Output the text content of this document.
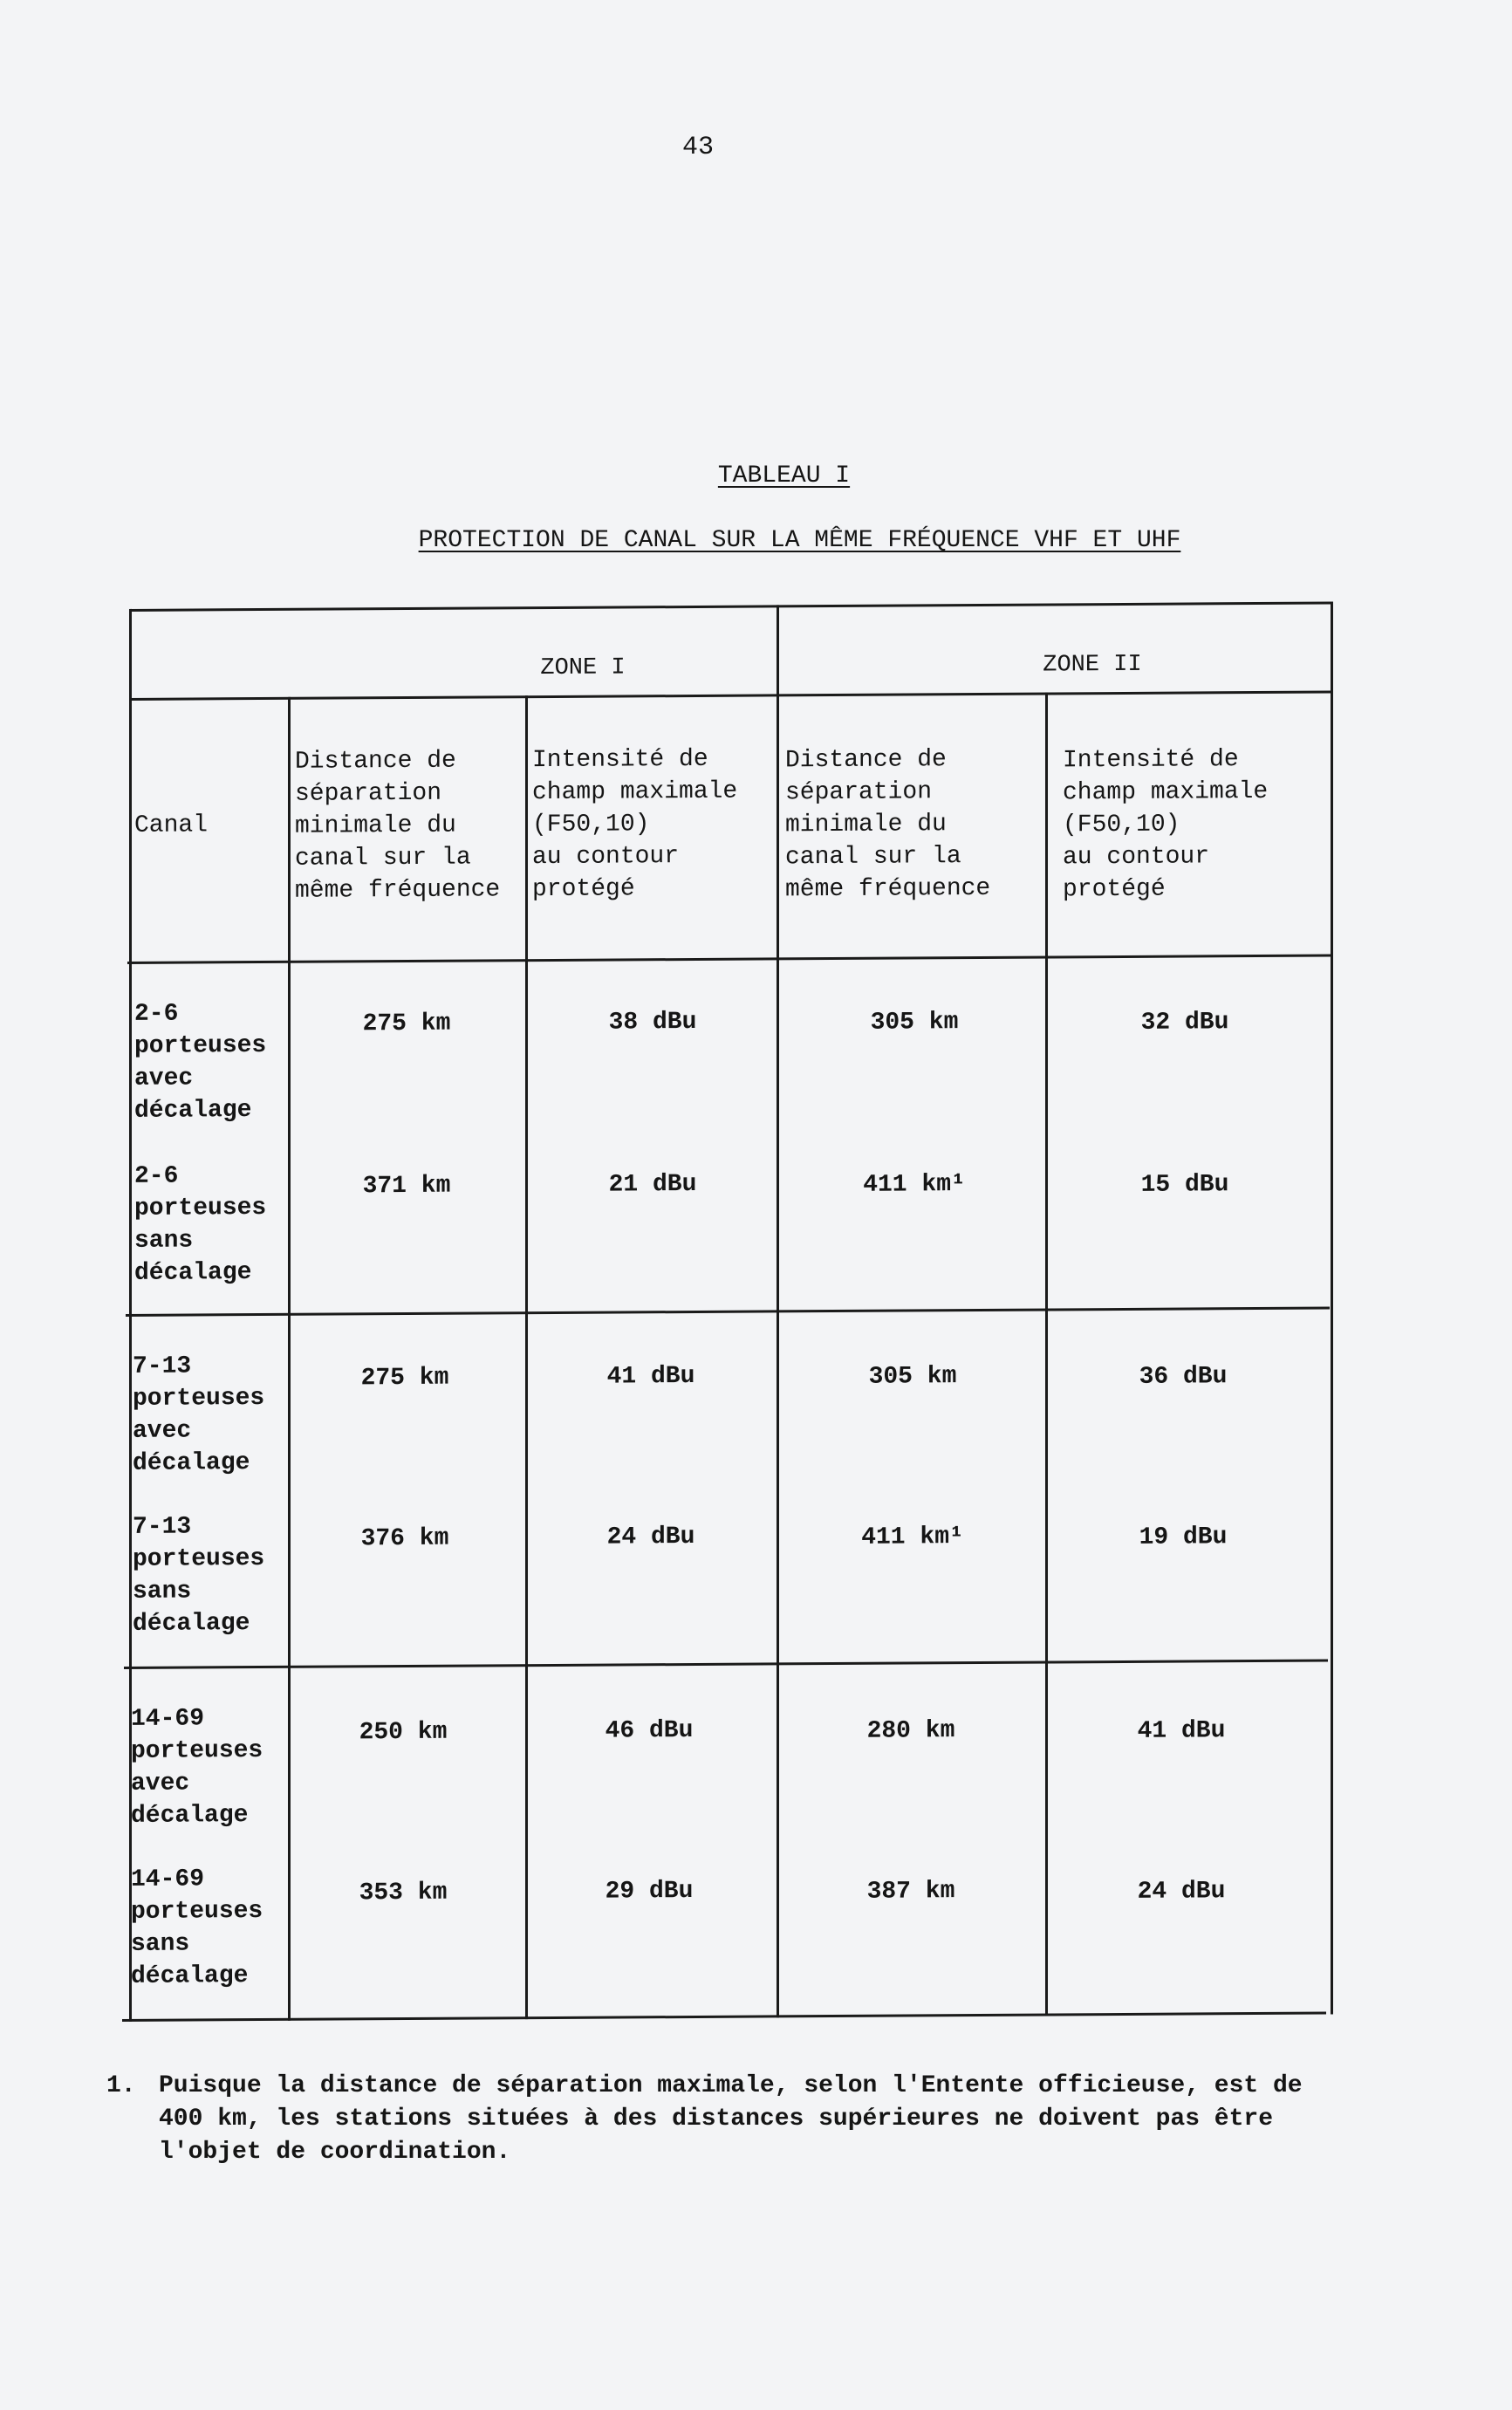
43
TABLEAU I
PROTECTION DE CANAL SUR LA MÊME FRÉQUENCE VHF ET UHF
ZONE I	ZONE II
Canal
Distance de
séparation
minimale du
canal sur la
même fréquence
Intensité de
champ maximale
(F50,10)
au contour
protégé
Distance de
séparation
minimale du
canal sur la
même fréquence
Intensité de
champ maximale
(F50,10)
au contour
protégé
2-6
porteuses
avec
décalage
275 km	38 dBu	305 km	32 dBu
2-6
porteuses
sans
décalage
371 km	21 dBu	411 km¹	15 dBu
7-13
porteuses
avec
décalage
275 km	41 dBu	305 km	36 dBu
7-13
porteuses
sans
décalage
376 km	24 dBu	411 km¹	19 dBu
14-69
porteuses
avec
décalage
250 km	46 dBu	280 km	41 dBu
14-69
porteuses
sans
décalage
353 km	29 dBu	387 km	24 dBu
1. Puisque la distance de séparation maximale, selon l'Entente officieuse, est de 400 km, les stations situées à des distances supérieures ne doivent pas être l'objet de coordination.
